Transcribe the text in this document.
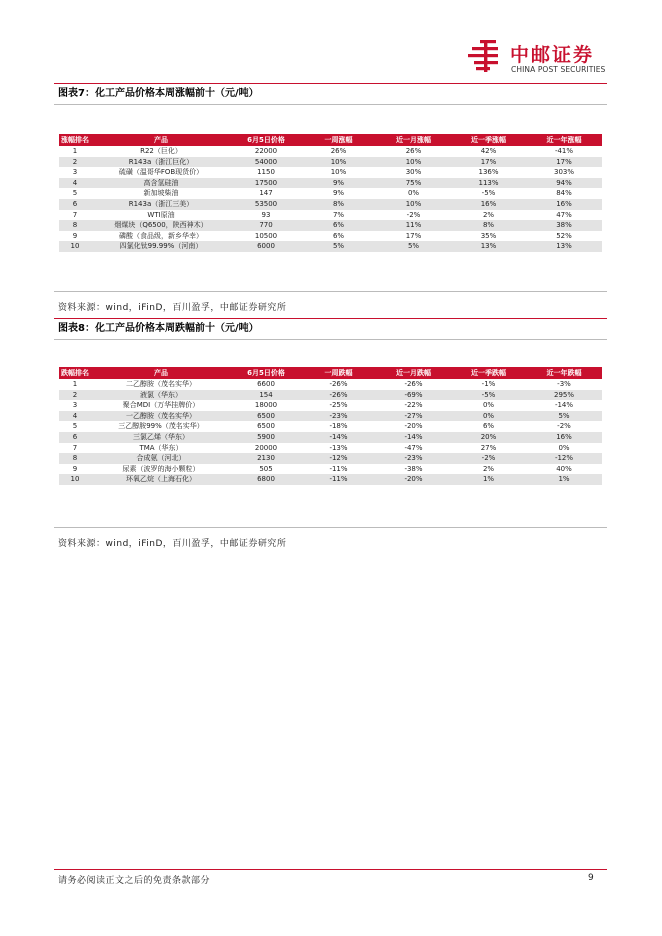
中邮证券
CHINA POST SECURITIES
图表7：化工产品价格本周涨幅前十（元/吨）
涨幅排名	产品	6月5日价格	一周涨幅	近一月涨幅	近一季涨幅	近一年涨幅
1	R22（巨化）	22000	26%	26%	42%	-41%
2	R143a（浙江巨化）	54000	10%	10%	17%	17%
3	硫磺（温哥华FOB现货价）	1150	10%	30%	136%	303%
4	高含氢硅油	17500	9%	75%	113%	94%
5	新加坡柴油	147	9%	0%	-5%	84%
6	R143a（浙江三美）	53500	8%	10%	16%	16%
7	WTI原油	93	7%	-2%	2%	47%
8	烟煤块（Q6500，陕西神木）	770	6%	11%	8%	38%
9	磷酸（食品级，新乡华幸）	10500	6%	17%	35%	52%
10	四氯化钛99.99%（河南）	6000	5%	5%	13%	13%
资料来源：wind，iFinD，百川盈孚，中邮证券研究所
图表8：化工产品价格本周跌幅前十（元/吨）
跌幅排名	产品	6月5日价格	一周跌幅	近一月跌幅	近一季跌幅	近一年跌幅
1	二乙醇胺（茂名实华）	6600	-26%	-26%	-1%	-3%
2	液氯（华东）	154	-26%	-69%	-5%	295%
3	聚合MDI（万华挂牌价）	18000	-25%	-22%	0%	-14%
4	一乙醇胺（茂名实华）	6500	-23%	-27%	0%	5%
5	三乙醇胺99%（茂名实华）	6500	-18%	-20%	6%	-2%
6	三氯乙烯（华东）	5900	-14%	-14%	20%	16%
7	TMA（华东）	20000	-13%	-47%	27%	0%
8	合成氨（河北）	2130	-12%	-23%	-2%	-12%
9	尿素（波罗的海小颗粒）	505	-11%	-38%	2%	40%
10	环氧乙烷（上海石化）	6800	-11%	-20%	1%	1%
资料来源：wind，iFinD，百川盈孚，中邮证券研究所
请务必阅读正文之后的免责条款部分	9
